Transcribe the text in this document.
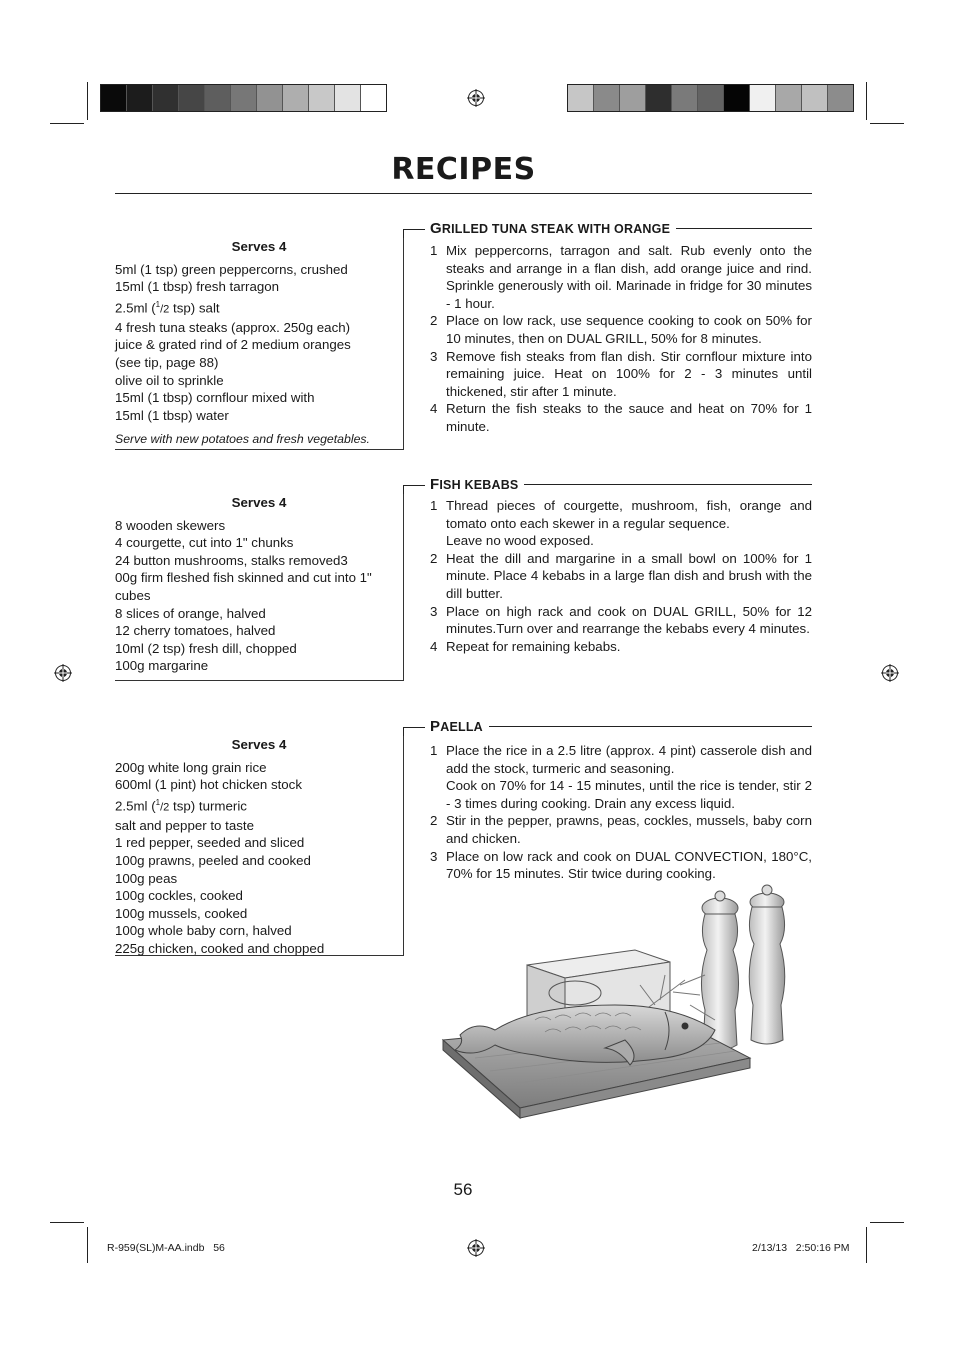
RECIPES
Serves 4
5ml (1 tsp) green peppercorns, crushed
15ml (1 tbsp) fresh tarragon
2.5ml ($^1$/2 tsp) salt
4 fresh tuna steaks (approx. 250g each)
juice & grated rind of 2 medium oranges
(see tip, page 88)
olive oil to sprinkle
15ml (1 tbsp) cornflour mixed with
15ml (1 tbsp) water
Serve with new potatoes and fresh vegetables.
G RILLED TUNA STEAK WITH ORANGE
1 Mix peppercorns, tarragon and salt. Rub evenly onto the steaks and arrange in a flan dish, add orange juice and rind. Sprinkle generously with oil. Marinade in fridge for 30 minutes - 1 hour.
2 Place on low rack, use sequence cooking to cook on 50% for 10 minutes, then on DUAL GRILL, 50% for 8 minutes.
3 Remove fish steaks from flan dish. Stir cornflour mixture into remaining juice. Heat on 100% for 2 - 3 minutes until thickened, stir after 1 minute.
4 Return the fish steaks to the sauce and heat on 70% for 1 minute.
Serves 4
8 wooden skewers
4 courgette, cut into 1" chunks
24 button mushrooms, stalks removed3
00g firm fleshed fish skinned and cut into 1"
cubes
8 slices of orange, halved
12 cherry tomatoes, halved
10ml (2 tsp) fresh dill, chopped
100g margarine
F ISH KEBABS
1 Thread pieces of courgette, mushroom, fish, orange and tomato onto each skewer in a regular sequence.
Leave no wood exposed.
2 Heat the dill and margarine in a small bowl on 100% for 1 minute. Place 4 kebabs in a large flan dish and brush with the dill butter.
3 Place on high rack and cook on DUAL GRILL, 50% for 12 minutes.Turn over and rearrange the kebabs every 4 minutes.
4 Repeat for remaining kebabs.
Serves 4
200g white long grain rice
600ml (1 pint) hot chicken stock
2.5ml ($^1$/2 tsp) turmeric
salt and pepper to taste
1 red pepper, seeded and sliced
100g prawns, peeled and cooked
100g peas
100g cockles, cooked
100g mussels, cooked
100g whole baby corn, halved
225g chicken, cooked and chopped
P AELLA
1 Place the rice in a 2.5 litre (approx. 4 pint) casserole dish and add the stock, turmeric and seasoning.
Cook on 70% for 14 - 15 minutes, until the rice is tender, stir 2 - 3 times during cooking. Drain any excess liquid.
2 Stir in the pepper, prawns, peas, cockles, mussels, baby corn and chicken.
3 Place on low rack and cook on DUAL CONVECTION, 180°C, 70% for 15 minutes. Stir twice during cooking.
56
R-959(SL)M-AA.indb   56	2/13/13   2:50:16 PM
